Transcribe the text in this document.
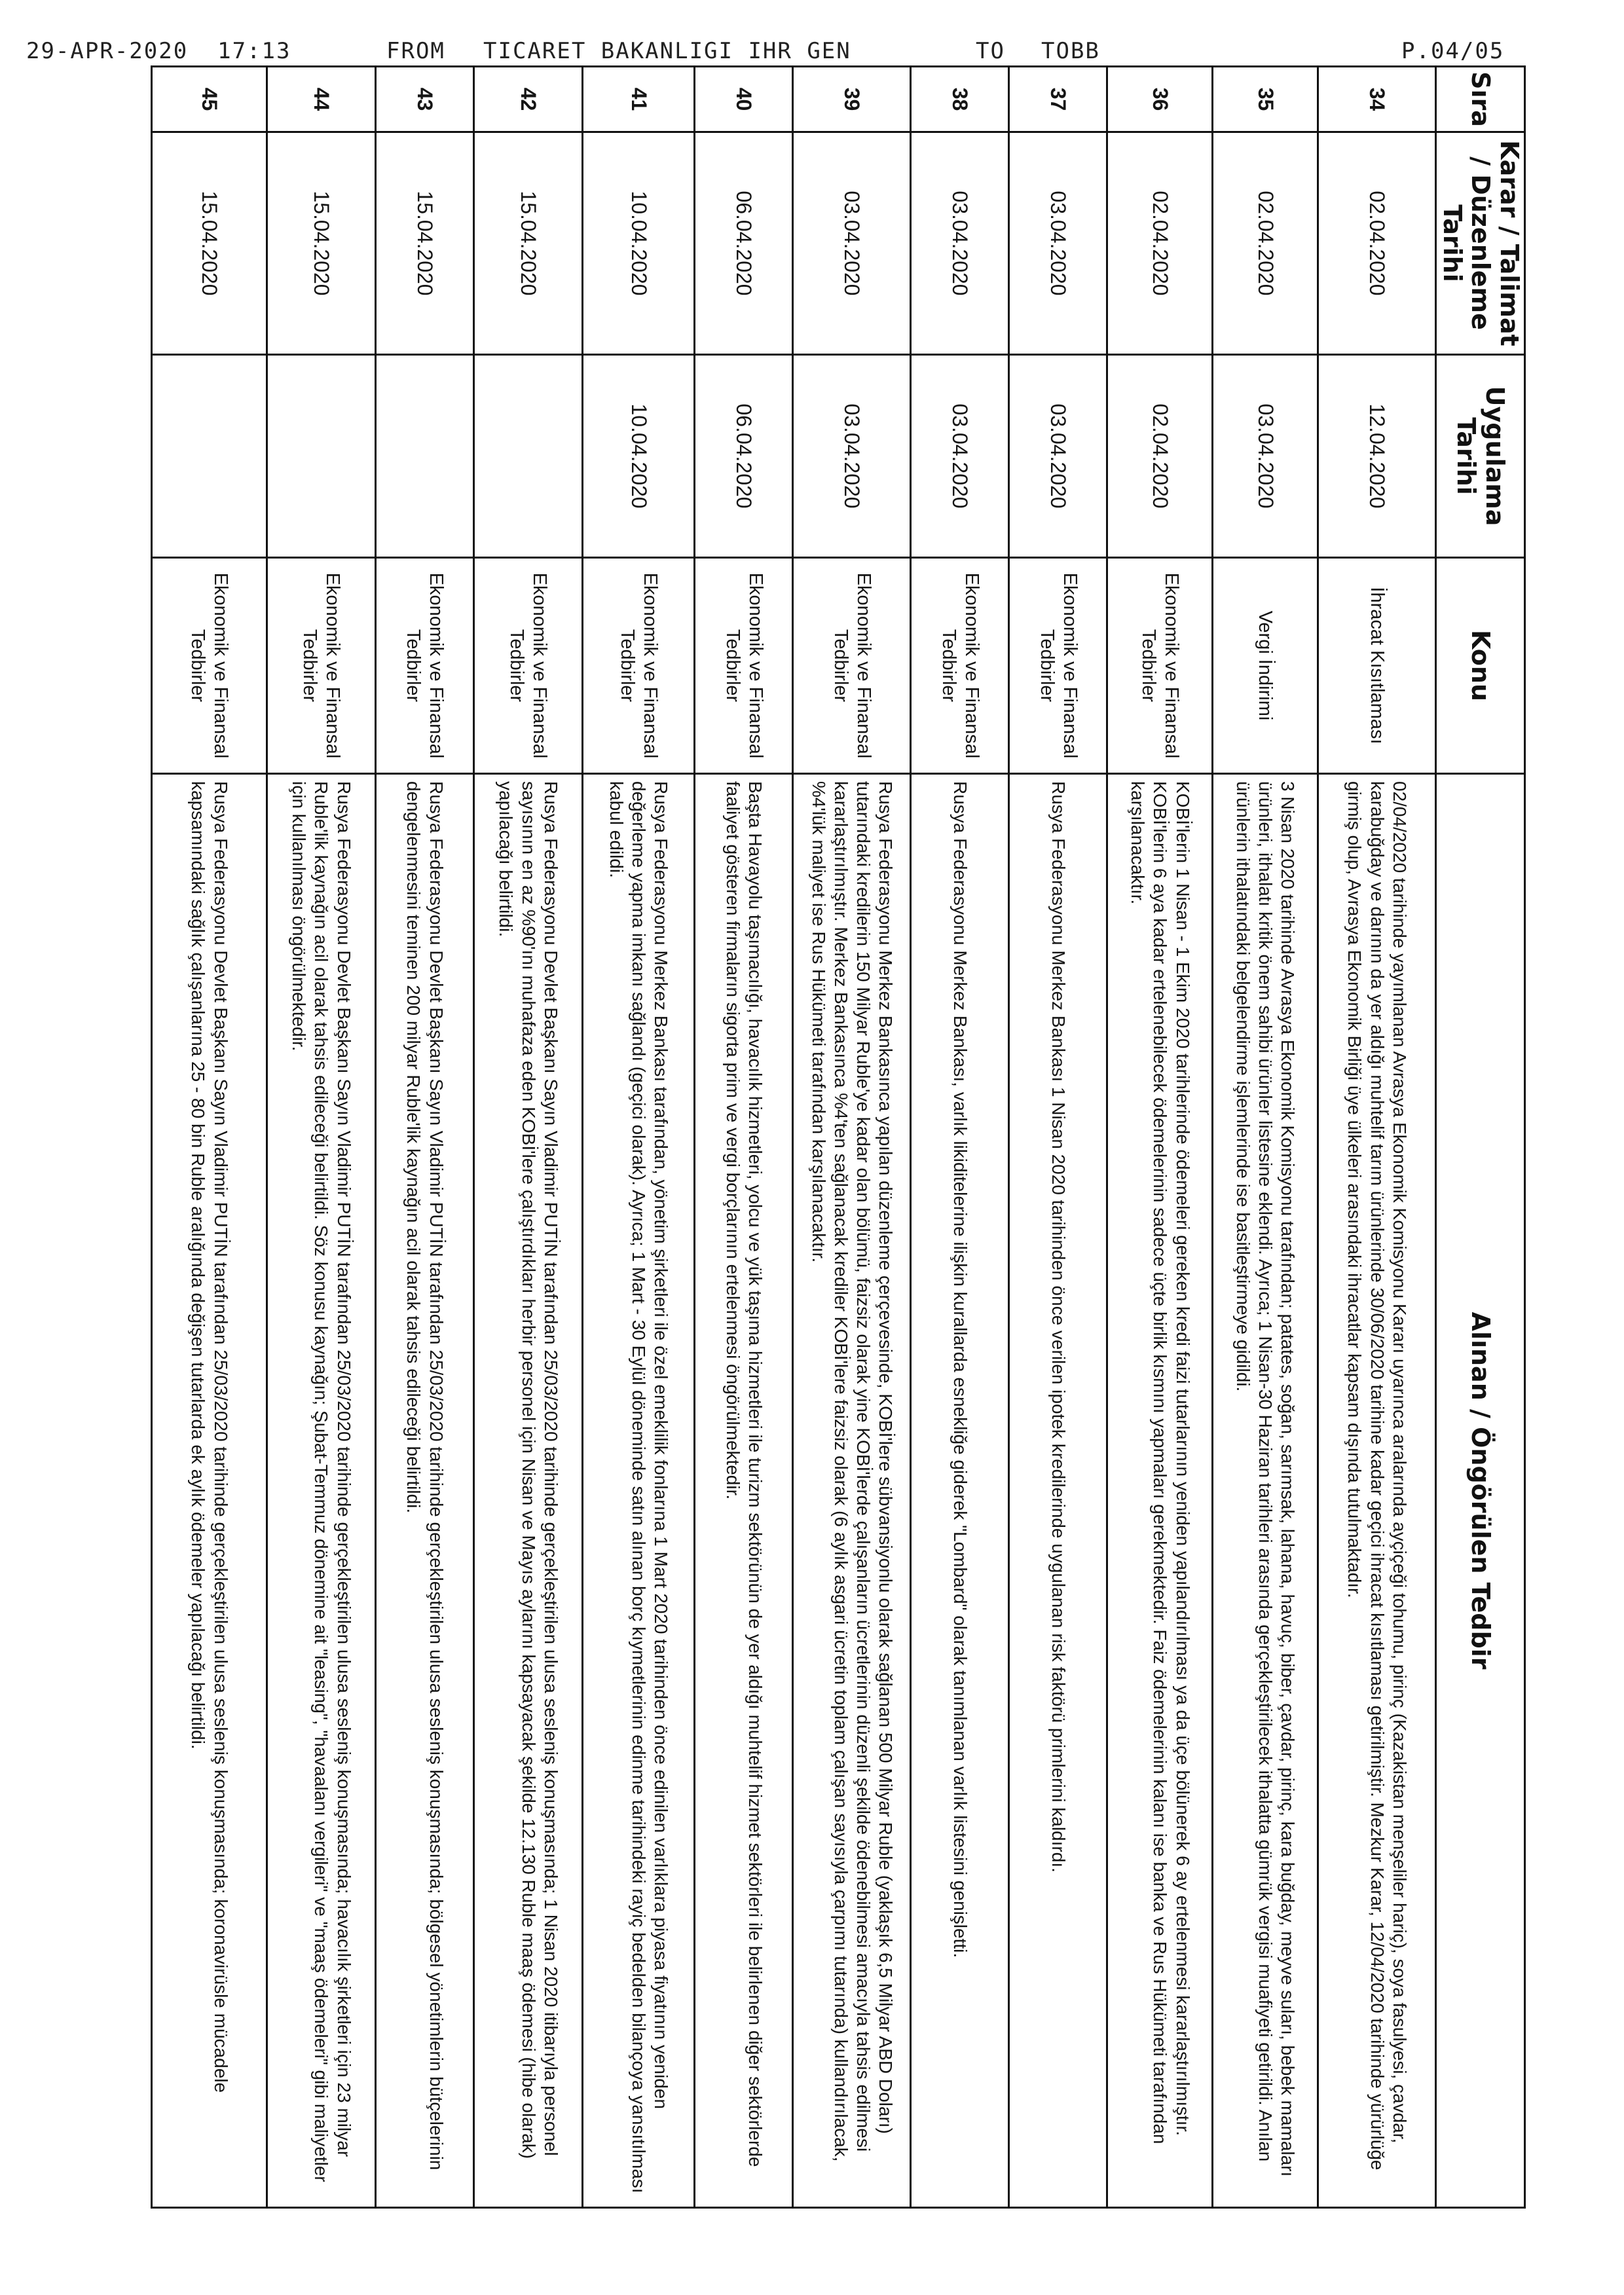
29-APR-2020  17:13	FROM TICARET BAKANLIGI IHR GEN	TO TOBB	P.04/05
Sıra	Karar / Talimat / Düzenleme Tarihi	Uygulama Tarihi	Konu	Alınan / Öngörülen Tedbir
34	02.04.2020	12.04.2020	İhracat Kısıtlaması	02/04/2020 tarihinde yayımlanan Avrasya Ekonomik Komisyonu Kararı uyarınca aralarında ayçiçeği tohumu, pirinç (Kazakistan menşeliler hariç), soya fasulyesi, çavdar, karabuğday ve darının da yer aldığı muhtelif tarım ürünlerinde 30/06/2020 tarihine kadar geçici ihracat kısıtlaması getirilmiştir. Mezkur Karar, 12/04/2020 tarihinde yürürlüğe girmiş olup, Avrasya Ekonomik Birliği üye ülkeleri arasındaki ihracatlar kapsam dışında tutulmaktadır.
35	02.04.2020	03.04.2020	Vergi İndirimi	3 Nisan 2020 tarihinde Avrasya Ekonomik Komisyonu tarafından; patates, soğan, sarımsak, lahana, havuç, biber, çavdar, pirinç, kara buğday, meyve suları, bebek mamaları ürünleri, ithalatı kritik önem sahibi ürünler listesine eklendi. Ayrıca; 1 Nisan-30 Haziran tarihleri arasında gerçekleştirilecek ithalatta gümrük vergisi muafiyeti getirildi. Anılan ürünlerin ithalatındaki belgelendirme işlemlerinde ise basitleştirmeye gidildi.
36	02.04.2020	02.04.2020	Ekonomik ve Finansal Tedbirler	KOBİ'lerin 1 Nisan - 1 Ekim 2020 tarihlerinde ödemeleri gereken kredi faizi tutarlarının yeniden yapılandırılması ya da üçe bölünerek 6 ay ertelenmesi kararlaştırılmıştır. KOBİ'lerin 6 aya kadar ertelenebilecek ödemelerinin sadece üçte birlik kısmını yapmaları gerekmektedir. Faiz ödemelerinin kalanı ise banka ve Rus Hükümeti tarafından karşılanacaktır.
37	03.04.2020	03.04.2020	Ekonomik ve Finansal Tedbirler	Rusya Federasyonu Merkez Bankası 1 Nisan 2020 tarihinden önce verilen ipotek kredilerinde uygulanan risk faktörü primlerini kaldırdı.
38	03.04.2020	03.04.2020	Ekonomik ve Finansal Tedbirler	Rusya Federasyonu Merkez Bankası, varlık likiditelerine ilişkin kurallarda esnekliğe giderek "Lombard" olarak tanımlanan varlık listesini genişletti.
39	03.04.2020	03.04.2020	Ekonomik ve Finansal Tedbirler	Rusya Federasyonu Merkez Bankasınca yapılan düzenleme çerçevesinde, KOBİ'lere sübvansiyonlu olarak sağlanan 500 Milyar Ruble (yaklaşık 6,5 Milyar ABD Doları) tutarındaki kredilerin 150 Milyar Ruble'ye kadar olan bölümü, faizsiz olarak yine KOBİ'lerde çalışanların ücretlerinin düzenli şekilde ödenebilmesi amacıyla tahsis edilmesi kararlaştırılmıştır. Merkez Bankasınca %4'ten sağlanacak krediler KOBİ'lere faizsiz olarak (6 aylık asgari ücretin toplam çalışan sayısıyla çarpımı tutarında) kullandırılacak, %4'lük maliyet ise Rus Hükümeti tarafından karşılanacaktır.
40	06.04.2020	06.04.2020	Ekonomik ve Finansal Tedbirler	Başta Havayolu taşımacılığı, havacılık hizmetleri, yolcu ve yük taşıma hizmetleri ile turizm sektörünün de yer aldığı muhtelif hizmet sektörleri ile belirlenen diğer sektörlerde faaliyet gösteren firmaların sigorta prim ve vergi borçlarının ertelenmesi öngörülmektedir.
41	10.04.2020	10.04.2020	Ekonomik ve Finansal Tedbirler	Rusya Federasyonu Merkez Bankası tarafından, yönetim şirketleri ile özel emeklilik fonlarına 1 Mart 2020 tarihinden önce edinilen varlıklara piyasa fiyatının yeniden değerleme yapma imkanı sağlandı (geçici olarak). Ayrıca; 1 Mart - 30 Eylül döneminde satın alınan borç kıymetlerinin edinme tarihindeki rayiç bedelden bilançoya yansıtılması kabul edildi.
42	15.04.2020		Ekonomik ve Finansal Tedbirler	Rusya Federasyonu Devlet Başkanı Sayın Vladimir PUTİN tarafından 25/03/2020 tarihinde gerçekleştirilen ulusa sesleniş konuşmasında; 1 Nisan 2020 itibarıyla personel sayısının en az %90'ını muhafaza eden KOBİ'lere çalıştırdıkları herbir personel için Nisan ve Mayıs aylarını kapsayacak şekilde 12.130 Ruble maaş ödemesi (hibe olarak) yapılacağı belirtildi.
43	15.04.2020		Ekonomik ve Finansal Tedbirler	Rusya Federasyonu Devlet Başkanı Sayın Vladimir PUTİN tarafından 25/03/2020 tarihinde gerçekleştirilen ulusa sesleniş konuşmasında; bölgesel yönetimlerin bütçelerinin dengelenmesini teminen 200 milyar Ruble'lik kaynağın acil olarak tahsis edileceği belirtildi.
44	15.04.2020		Ekonomik ve Finansal Tedbirler	Rusya Federasyonu Devlet Başkanı Sayın Vladimir PUTİN tarafından 25/03/2020 tarihinde gerçekleştirilen ulusa sesleniş konuşmasında; havacılık şirketleri için 23 milyar Ruble'lik kaynağın acil olarak tahsis edileceği belirtildi. Söz konusu kaynağın; Şubat-Temmuz dönemine ait "leasing", "havaalanı vergileri" ve "maaş ödemeleri" gibi maliyetler için kullanılması öngörülmektedir.
45	15.04.2020		Ekonomik ve Finansal Tedbirler	Rusya Federasyonu Devlet Başkanı Sayın Vladimir PUTİN tarafından 25/03/2020 tarihinde gerçekleştirilen ulusa sesleniş konuşmasında; koronavirüsle mücadele kapsamındaki sağlık çalışanlarına 25 - 80 bin Ruble aralığında değişen tutarlarda ek aylık ödemeler yapılacağı belirtildi.
